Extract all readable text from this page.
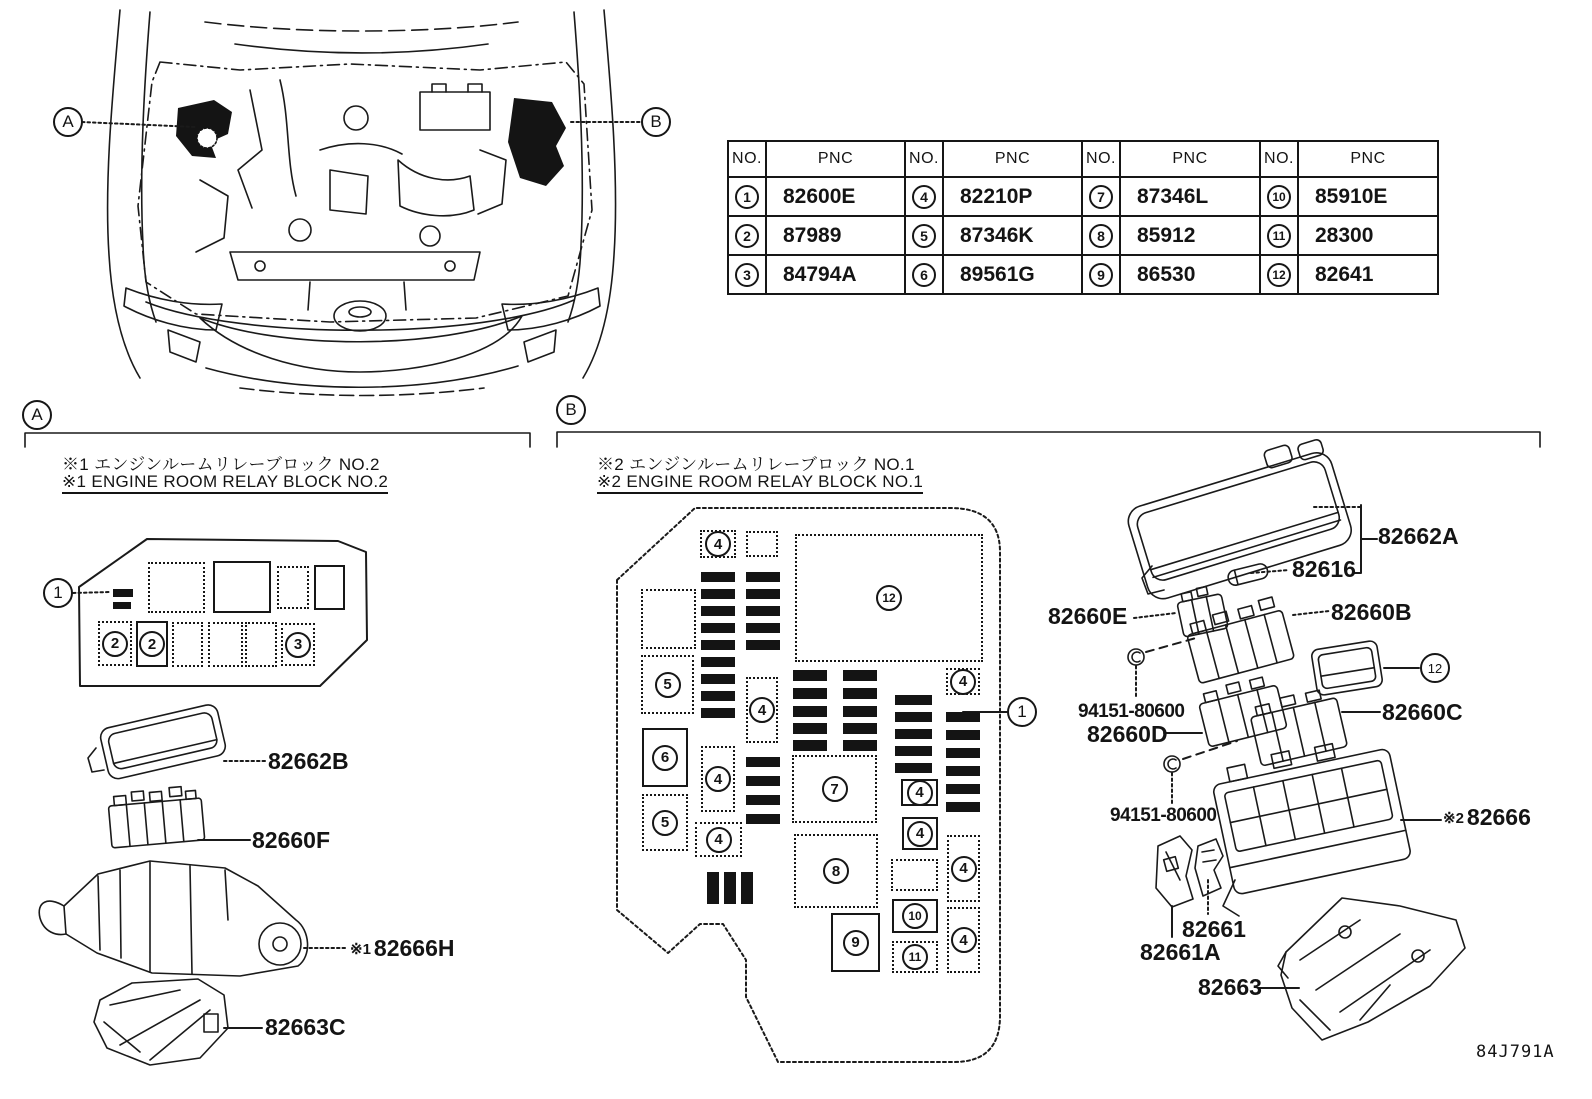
NO.	PNC	NO.	PNC	NO.	PNC	NO.	PNC
1	82600E	4	82210P	7	87346L	10	85910E
2	87989	5	87346K	8	85912	11	28300
3	84794A	6	89561G	9	86530	12	82641
※1 エンジンルームリレーブロック NO.2
※1 ENGINE ROOM RELAY BLOCK NO.2
※2 エンジンルームリレーブロック NO.1
※2 ENGINE ROOM RELAY BLOCK NO.1
2	2	3
4
12
5
6
5
4
4
4
7
8
9
4
4
4
10
11
4
4
A	B
A	B
1
1
12
82662B
82660F
※1 82666H
82663C
82662A
82616
82660E	82660B
94151-80600
82660D
82660C
94151-80600	※2 82666
82661
82661A
82663
84J791A
